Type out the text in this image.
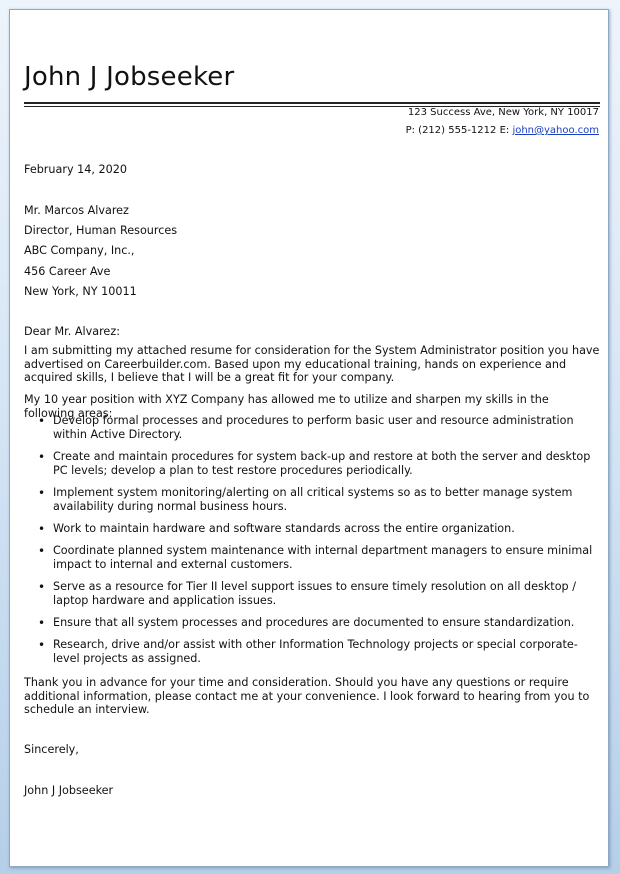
John J Jobseeker
123 Success Ave, New York, NY 10017
P: (212) 555-1212 E: john@yahoo.com
February 14, 2020
Mr. Marcos Alvarez
Director, Human Resources
ABC Company, Inc.,
456 Career Ave
New York, NY 10011
Dear Mr. Alvarez:
I am submitting my attached resume for consideration for the System Administrator position you have advertised on Careerbuilder.com. Based upon my educational training, hands on experience and acquired skills, I believe that I will be a great fit for your company.
My 10 year position with XYZ Company has allowed me to utilize and sharpen my skills in the following areas:
• Develop formal processes and procedures to perform basic user and resource administration within Active Directory.
• Create and maintain procedures for system back-up and restore at both the server and desktop PC levels; develop a plan to test restore procedures periodically.
• Implement system monitoring/alerting on all critical systems so as to better manage system availability during normal business hours.
• Work to maintain hardware and software standards across the entire organization.
• Coordinate planned system maintenance with internal department managers to ensure minimal impact to internal and external customers.
• Serve as a resource for Tier II level support issues to ensure timely resolution on all desktop / laptop hardware and application issues.
• Ensure that all system processes and procedures are documented to ensure standardization.
• Research, drive and/or assist with other Information Technology projects or special corporate-level projects as assigned.
Thank you in advance for your time and consideration. Should you have any questions or require additional information, please contact me at your convenience. I look forward to hearing from you to schedule an interview.
Sincerely,
John J Jobseeker
